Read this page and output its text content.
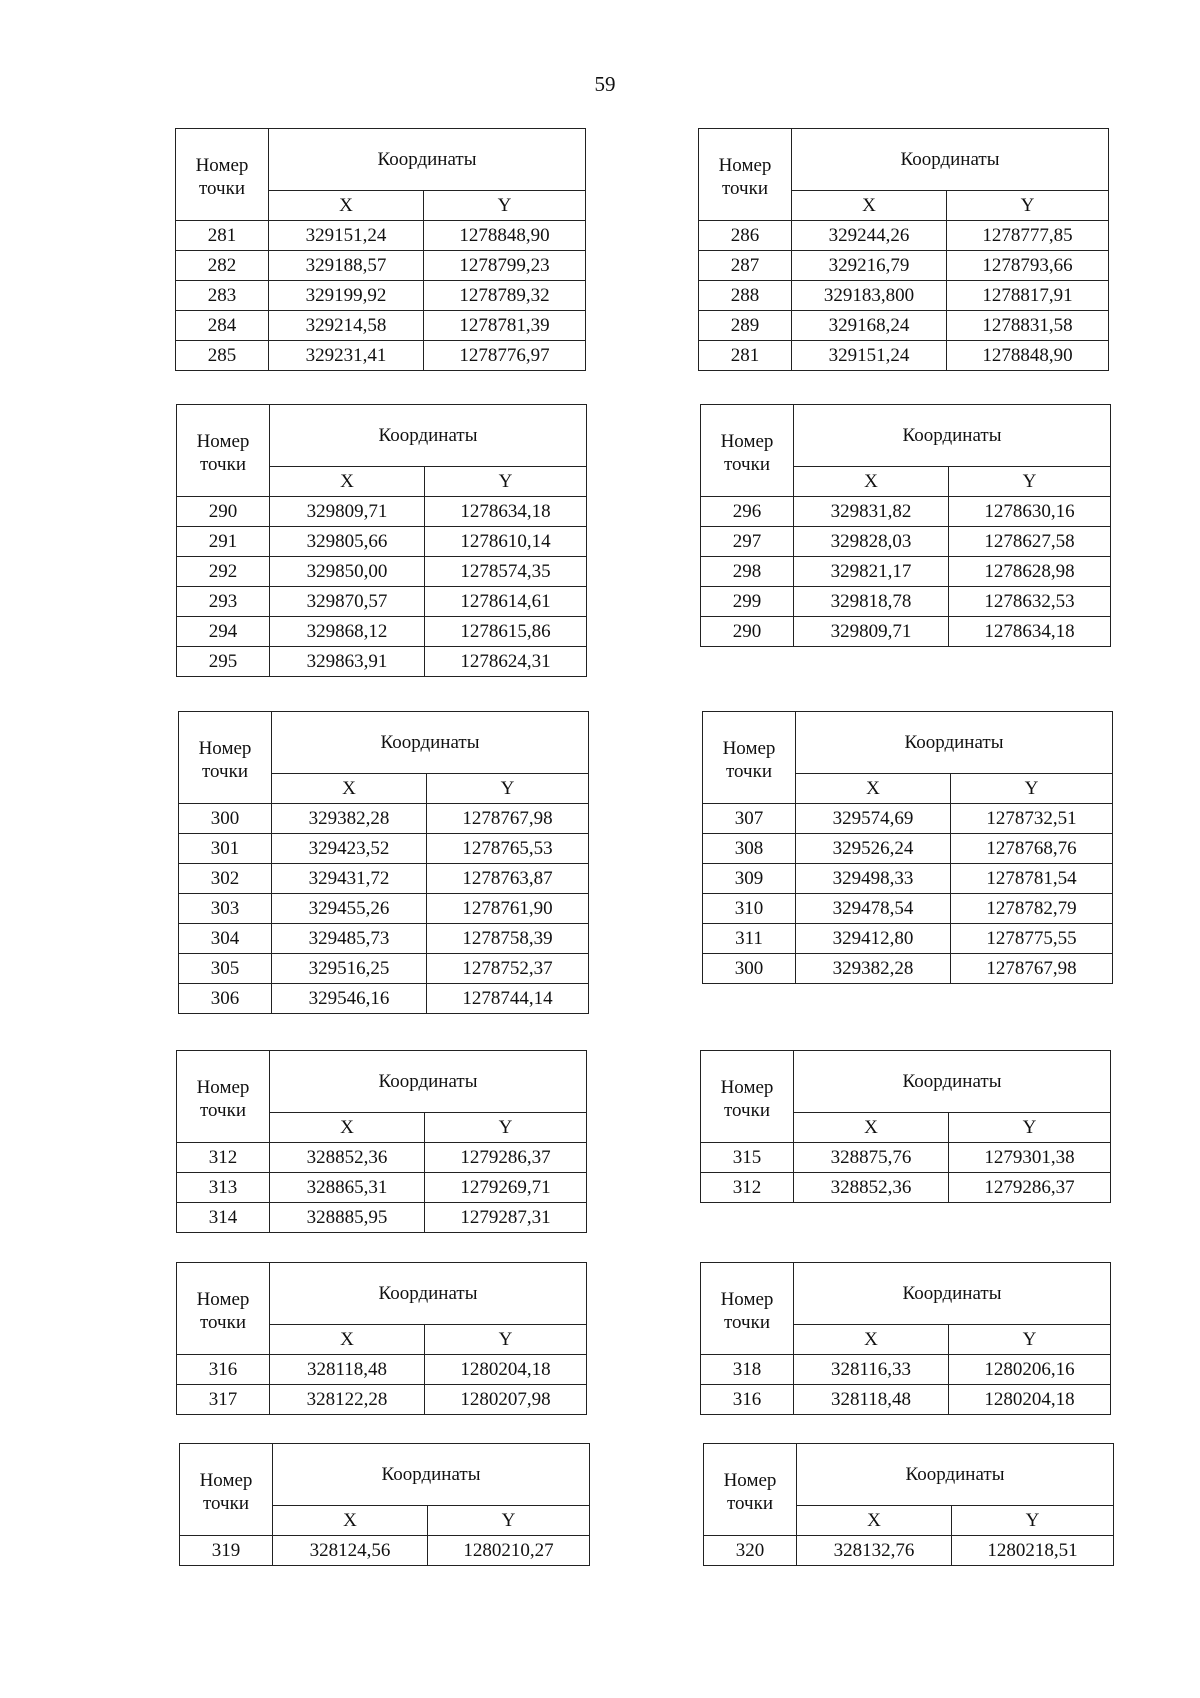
59
Номер
точки	Координаты	
	X	Y
281	329151,24	1278848,90
282	329188,57	1278799,23
283	329199,92	1278789,32
284	329214,58	1278781,39
285	329231,41	1278776,97
Номер
точки	Координаты	
	X	Y
286	329244,26	1278777,85
287	329216,79	1278793,66
288	329183,800	1278817,91
289	329168,24	1278831,58
281	329151,24	1278848,90
Номер
точки	Координаты	
	X	Y
290	329809,71	1278634,18
291	329805,66	1278610,14
292	329850,00	1278574,35
293	329870,57	1278614,61
294	329868,12	1278615,86
295	329863,91	1278624,31
Номер
точки	Координаты	
	X	Y
296	329831,82	1278630,16
297	329828,03	1278627,58
298	329821,17	1278628,98
299	329818,78	1278632,53
290	329809,71	1278634,18
Номер
точки	Координаты	
	X	Y
300	329382,28	1278767,98
301	329423,52	1278765,53
302	329431,72	1278763,87
303	329455,26	1278761,90
304	329485,73	1278758,39
305	329516,25	1278752,37
306	329546,16	1278744,14
Номер
точки	Координаты	
	X	Y
307	329574,69	1278732,51
308	329526,24	1278768,76
309	329498,33	1278781,54
310	329478,54	1278782,79
311	329412,80	1278775,55
300	329382,28	1278767,98
Номер
точки	Координаты	
	X	Y
312	328852,36	1279286,37
313	328865,31	1279269,71
314	328885,95	1279287,31
Номер
точки	Координаты	
	X	Y
315	328875,76	1279301,38
312	328852,36	1279286,37
Номер
точки	Координаты	
	X	Y
316	328118,48	1280204,18
317	328122,28	1280207,98
Номер
точки	Координаты	
	X	Y
318	328116,33	1280206,16
316	328118,48	1280204,18
Номер
точки	Координаты	
	X	Y
319	328124,56	1280210,27
Номер
точки	Координаты	
	X	Y
320	328132,76	1280218,51
